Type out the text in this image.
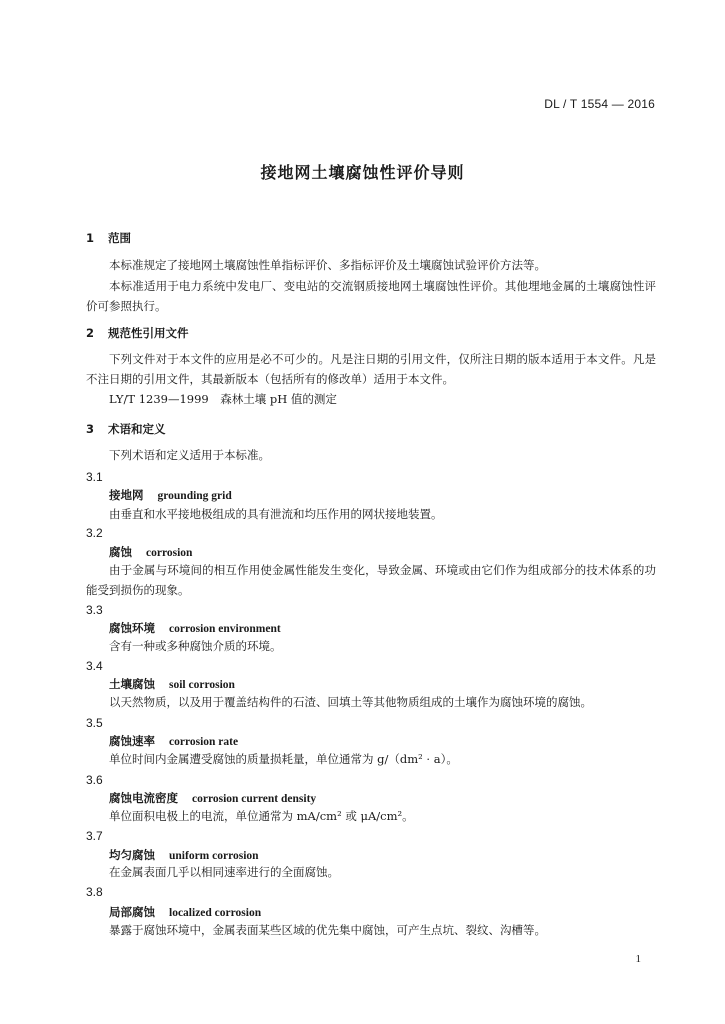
DL / T 1554 — 2016
接地网土壤腐蚀性评价导则
1 范围
本标准规定了接地网土壤腐蚀性单指标评价、多指标评价及土壤腐蚀试验评价方法等。
本标准适用于电力系统中发电厂、变电站的交流钢质接地网土壤腐蚀性评价。其他埋地金属的土壤腐蚀性评价可参照执行。
2 规范性引用文件
下列文件对于本文件的应用是必不可少的。凡是注日期的引用文件，仅所注日期的版本适用于本文件。凡是不注日期的引用文件，其最新版本（包括所有的修改单）适用于本文件。
LY/T 1239—1999　森林土壤 pH 值的测定
3 术语和定义
下列术语和定义适用于本标准。
3.1
接地网 grounding grid
由垂直和水平接地极组成的具有泄流和均压作用的网状接地装置。
3.2
腐蚀 corrosion
由于金属与环境间的相互作用使金属性能发生变化，导致金属、环境或由它们作为组成部分的技术体系的功能受到损伤的现象。
3.3
腐蚀环境 corrosion environment
含有一种或多种腐蚀介质的环境。
3.4
土壤腐蚀 soil corrosion
以天然物质，以及用于覆盖结构件的石渣、回填土等其他物质组成的土壤作为腐蚀环境的腐蚀。
3.5
腐蚀速率 corrosion rate
单位时间内金属遭受腐蚀的质量损耗量，单位通常为 g/（dm² · a）。
3.6
腐蚀电流密度 corrosion current density
单位面积电极上的电流，单位通常为 mA/cm² 或 μA/cm²。
3.7
均匀腐蚀 uniform corrosion
在金属表面几乎以相同速率进行的全面腐蚀。
3.8
局部腐蚀 localized corrosion
暴露于腐蚀环境中，金属表面某些区域的优先集中腐蚀，可产生点坑、裂纹、沟槽等。
1
